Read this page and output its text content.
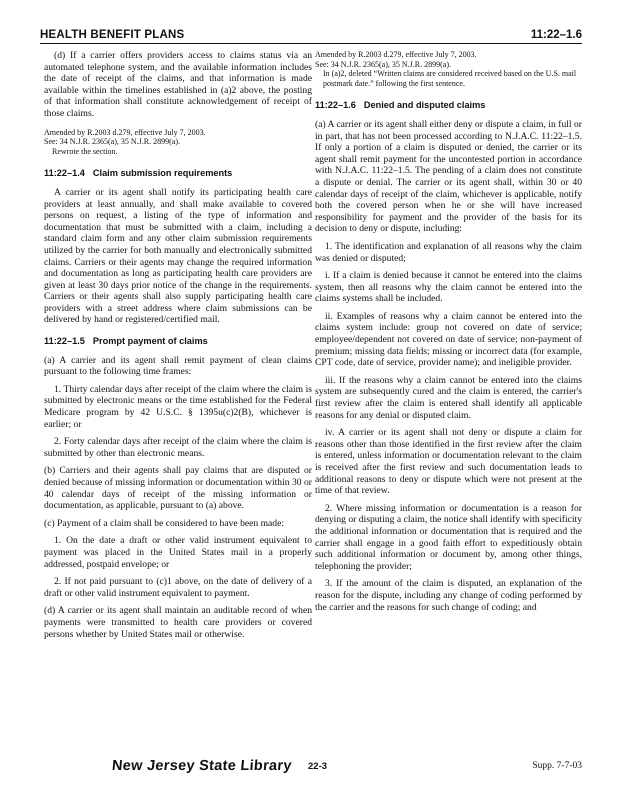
HEALTH BENEFIT PLANS	11:22–1.6

(d) If a carrier offers providers access to claims status via an automated telephone system, and the available information includes the date of receipt of the claims, and that information is made available within the timelines established in (a)2 above, the posting of that information shall constitute acknowledgement of receipt of those claims.

Amended by R.2003 d.279, effective July 7, 2003.
See: 34 N.J.R. 2365(a), 35 N.J.R. 2899(a).
Rewrote the section.
11:22–1.4 Claim submission requirements

A carrier or its agent shall notify its participating health care providers at least annually, and shall make available to covered persons on request, a listing of the type of information and documentation that must be submitted with a claim, including a standard claim form and any other claim submission requirements utilized by the carrier for both manually and electronically submitted claims. Carriers or their agents may change the required information and documentation as long as participating health care providers are given at least 30 days prior notice of the change in the requirements. Carriers or their agents shall also supply participating health care providers with a street address where claim submissions can be delivered by hand or registered/certified mail.

11:22–1.5 Prompt payment of claims

(a) A carrier and its agent shall remit payment of clean claims pursuant to the following time frames:

1. Thirty calendar days after receipt of the claim where the claim is submitted by electronic means or the time established for the Federal Medicare program by 42 U.S.C. § 1395u(c)2(B), whichever is earlier; or

2. Forty calendar days after receipt of the claim where the claim is submitted by other than electronic means.

(b) Carriers and their agents shall pay claims that are disputed or denied because of missing information or documentation within 30 or 40 calendar days of receipt of the missing information or documentation, as applicable, pursuant to (a) above.

(c) Payment of a claim shall be considered to have been made:

1. On the date a draft or other valid instrument equivalent to payment was placed in the United States mail in a properly addressed, postpaid envelope; or

2. If not paid pursuant to (c)1 above, on the date of delivery of a draft or other valid instrument equivalent to payment.

(d) A carrier or its agent shall maintain an auditable record of when payments were transmitted to health care providers or covered persons whether by United States mail or otherwise.

Amended by R.2003 d.279, effective July 7, 2003.
See: 34 N.J.R. 2365(a), 35 N.J.R. 2899(a).
In (a)2, deleted “Written claims are considered received based on the U.S. mail postmark date.” following the first sentence.
11:22–1.6 Denied and disputed claims

(a) A carrier or its agent shall either deny or dispute a claim, in full or in part, that has not been processed according to N.J.A.C. 11:22–1.5. If only a portion of a claim is disputed or denied, the carrier or its agent shall remit payment for the uncontested portion in accordance with N.J.A.C. 11:22–1.5. The pending of a claim does not constitute a dispute or denial. The carrier or its agent shall, within 30 or 40 calendar days of receipt of the claim, whichever is applicable, notify both the covered person when he or she will have increased responsibility for payment and the provider of the basis for its decision to deny or dispute, including:

1. The identification and explanation of all reasons why the claim was denied or disputed;

i. If a claim is denied because it cannot be entered into the claims system, then all reasons why the claim cannot be entered into the claims systems shall be included.

ii. Examples of reasons why a claim cannot be entered into the claims system include: group not covered on date of service; employee/dependent not covered on date of service; non-payment of premium; missing data fields; missing or incorrect data (for example, CPT code, date of service, provider name); and ineligible provider.

iii. If the reasons why a claim cannot be entered into the claims system are subsequently cured and the claim is entered, the carrier's first review after the claim is entered shall identify all applicable reasons for any denial or disputed claim.

iv. A carrier or its agent shall not deny or dispute a claim for reasons other than those identified in the first review after the claim is entered, unless information or documentation relevant to the claim is received after the first review and such documentation leads to additional reasons to deny or dispute which were not present at the time of that review.

2. Where missing information or documentation is a reason for denying or disputing a claim, the notice shall identify with specificity the additional information or documentation that is required and the carrier shall engage in a good faith effort to expeditiously obtain such additional information or document by, among other things, telephoning the provider;

3. If the amount of the claim is disputed, an explanation of the reason for the dispute, including any change of coding performed by the carrier and the reasons for such change of coding; and

New Jersey State Library 22-3	Supp. 7-7-03
